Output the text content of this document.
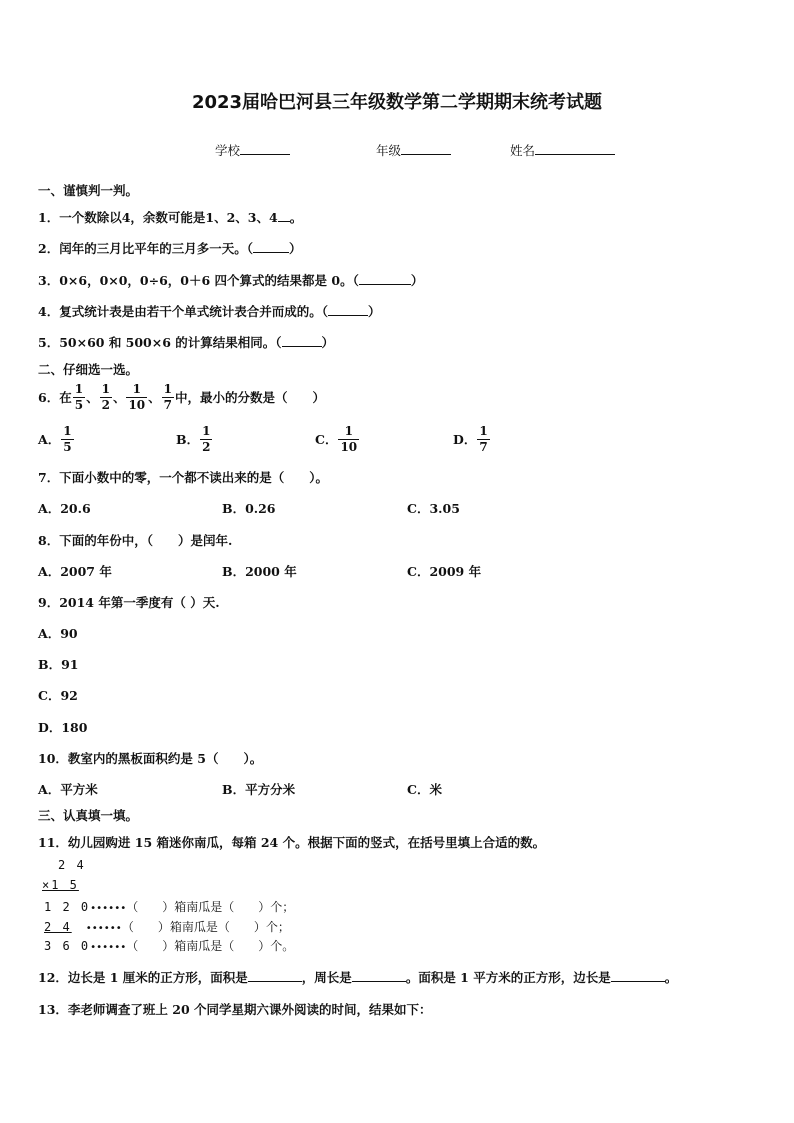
2023届哈巴河县三年级数学第二学期期末统考试题
学校	年级	姓名
一、谨慎判一判。
1．一个数除以4，余数可能是1、2、3、4 。
2．闰年的三月比平年的三月多一天。（	）
3．0×6，0×0，0÷6，0＋6 四个算式的结果都是 0。（	）
4．复式统计表是由若干个单式统计表合并而成的。（	）
5．50×60 和 500×6 的计算结果相同。（	）
二、仔细选一选。
6．在 $\frac{1}{5}$ 、 $\frac{1}{2}$ 、 $\frac{1}{10}$ 、 $\frac{1}{7}$ 中，最小的分数是（　　）
A． $\frac{1}{5}$	B． $\frac{1}{2}$	C． $\frac{1}{10}$	D． $\frac{1}{7}$
7．下面小数中的零，一个都不读出来的是（　　）。
A．20.6	B．0.26	C．3.05
8．下面的年份中，（　　）是闰年.
A．2007 年	B．2000 年	C．2009 年
9．2014 年第一季度有（ ）天.
A．90
B．91
C．92
D．180
10．教室内的黑板面积约是 5（　　）。
A．平方米	B．平方分米	C．米
三、认真填一填。
11．幼儿园购进 15 箱迷你南瓜，每箱 24 个。根据下面的竖式，在括号里填上合适的数。
2 4
×1 5
1 2 0••••••（　　）箱南瓜是（　　）个；
2 4 ••••••（　　）箱南瓜是（　　）个；
3 6 0••••••（　　）箱南瓜是（　　）个。
12．边长是 1 厘米的正方形，面积是	，周长是	。面积是 1 平方米的正方形，边长是	。
13．李老师调查了班上 20 个同学星期六课外阅读的时间，结果如下：
